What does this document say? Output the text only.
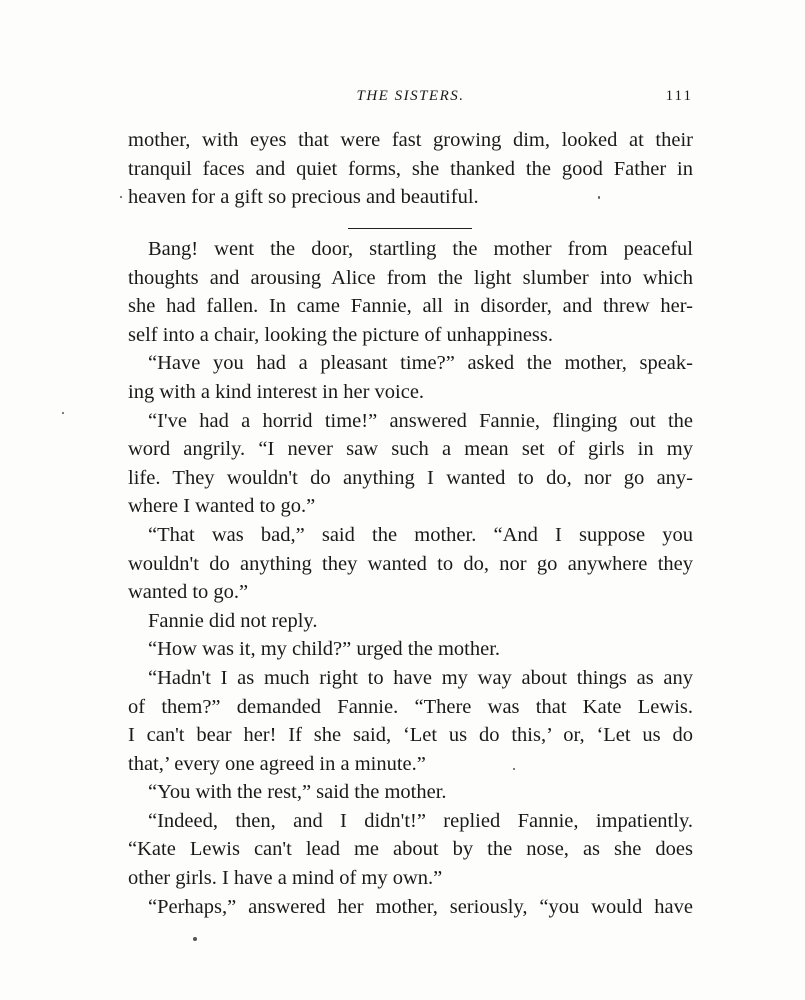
THE SISTERS.	111
mother, with eyes that were fast growing dim, looked at their
tranquil faces and quiet forms, she thanked the good Father in
heaven for a gift so precious and beautiful.
Bang! went the door, startling the mother from peaceful
thoughts and arousing Alice from the light slumber into which
she had fallen. In came Fannie, all in disorder, and threw her-
self into a chair, looking the picture of unhappiness.
“Have you had a pleasant time?” asked the mother, speak-
ing with a kind interest in her voice.
“I've had a horrid time!” answered Fannie, flinging out the
word angrily. “I never saw such a mean set of girls in my
life. They wouldn't do anything I wanted to do, nor go any-
where I wanted to go.”
“That was bad,” said the mother. “And I suppose you
wouldn't do anything they wanted to do, nor go anywhere they
wanted to go.”
Fannie did not reply.
“How was it, my child?” urged the mother.
“Hadn't I as much right to have my way about things as any
of them?” demanded Fannie. “There was that Kate Lewis.
I can't bear her! If she said, ‘Let us do this,’ or, ‘Let us do
that,’ every one agreed in a minute.”
“You with the rest,” said the mother.
“Indeed, then, and I didn't!” replied Fannie, impatiently.
“Kate Lewis can't lead me about by the nose, as she does
other girls. I have a mind of my own.”
“Perhaps,” answered her mother, seriously, “you would have
